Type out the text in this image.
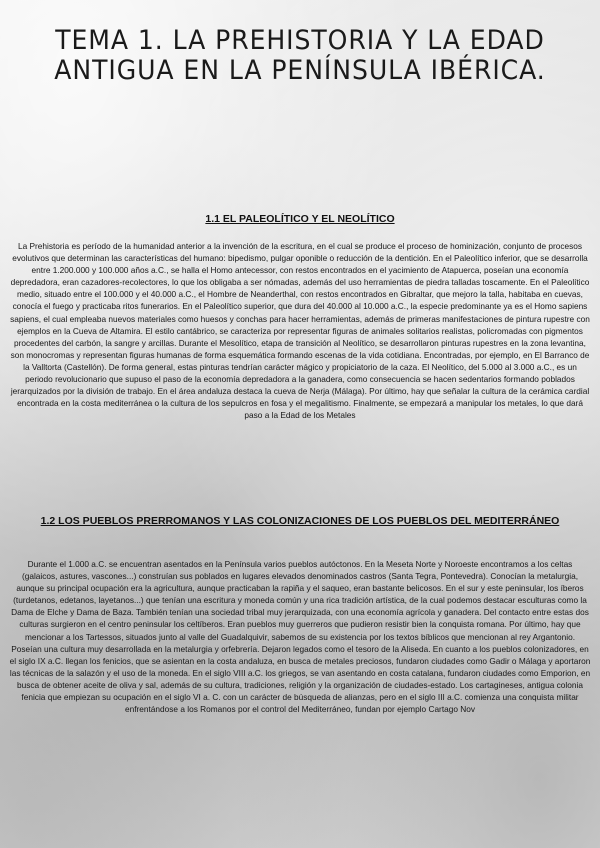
TEMA 1. LA PREHISTORIA Y LA EDAD ANTIGUA EN LA PENÍNSULA IBÉRICA.
1.1 EL PALEOLÍTICO Y EL NEOLÍTICO

La Prehistoria es período de la humanidad anterior a la invención de la escritura, en el cual se produce el proceso de hominización, conjunto de procesos evolutivos que determinan las características del humano: bipedismo, pulgar oponible o reducción de la dentición. En el Paleolítico inferior, que se desarrolla entre 1.200.000 y 100.000 años a.C., se halla el Homo antecessor, con restos encontrados en el yacimiento de Atapuerca, poseían una economía depredadora, eran cazadores-recolectores, lo que los obligaba a ser nómadas, además del uso herramientas de piedra talladas toscamente. En el Paleolítico medio, situado entre el 100.000 y el 40.000 a.C., el Hombre de Neanderthal, con restos encontrados en Gibraltar, que mejoro la talla, habitaba en cuevas, conocía el fuego y practicaba ritos funerarios. En el Paleolítico superior, que dura del 40.000 al 10.000 a.C., la especie predominante ya es el Homo sapiens sapiens, el cual empleaba nuevos materiales como huesos y conchas para hacer herramientas, además de primeras manifestaciones de pintura rupestre con ejemplos en la Cueva de Altamira. El estilo cantábrico, se caracteriza por representar figuras de animales solitarios realistas, policromadas con pigmentos procedentes del carbón, la sangre y arcillas. Durante el Mesolítico, etapa de transición al Neolítico, se desarrollaron pinturas rupestres en la zona levantina, son monocromas y representan figuras humanas de forma esquemática formando escenas de la vida cotidiana. Encontradas, por ejemplo, en El Barranco de la Valltorta (Castellón). De forma general, estas pinturas tendrían carácter mágico y propiciatorio de la caza. El Neolítico, del 5.000 al 3.000 a.C., es un periodo revolucionario que supuso el paso de la economía depredadora a la ganadera, como consecuencia se hacen sedentarios formando poblados jerarquizados por la división de trabajo. En el área andaluza destaca la cueva de Nerja (Málaga). Por último, hay que señalar la cultura de la cerámica cardial encontrada en la costa mediterránea o la cultura de los sepulcros en fosa y el megalitismo. Finalmente, se empezará a manipular los metales, lo que dará paso a la Edad de los Metales

1.2 LOS PUEBLOS PRERROMANOS Y LAS COLONIZACIONES DE LOS PUEBLOS DEL MEDITERRÁNEO

Durante el 1.000 a.C. se encuentran asentados en la Península varios pueblos autóctonos. En la Meseta Norte y Noroeste encontramos a los celtas (galaicos, astures, vascones...) construían sus poblados en lugares elevados denominados castros (Santa Tegra, Pontevedra). Conocían la metalurgia, aunque su principal ocupación era la agricultura, aunque practicaban la rapiña y el saqueo, eran bastante belicosos. En el sur y este peninsular, los íberos (turdetanos, edetanos, layetanos...) que tenían una escritura y moneda común y una rica tradición artística, de la cual podemos destacar esculturas como la Dama de Elche y Dama de Baza. También tenían una sociedad tribal muy jerarquizada, con una economía agrícola y ganadera. Del contacto entre estas dos culturas surgieron en el centro peninsular los celtíberos. Eran pueblos muy guerreros que pudieron resistir bien la conquista romana. Por último, hay que mencionar a los Tartessos, situados junto al valle del Guadalquivir, sabemos de su existencia por los textos bíblicos que mencionan al rey Argantonio. Poseían una cultura muy desarrollada en la metalurgia y orfebrería. Dejaron legados como el tesoro de la Aliseda. En cuanto a los pueblos colonizadores, en el siglo IX a.C. llegan los fenicios, que se asientan en la costa andaluza, en busca de metales preciosos, fundaron ciudades como Gadir o Málaga y aportaron las técnicas de la salazón y el uso de la moneda. En el siglo VIII a.C. los griegos, se van asentando en costa catalana, fundaron ciudades como Emporion, en busca de obtener aceite de oliva y sal, además de su cultura, tradiciones, religión y la organización de ciudades-estado. Los cartagineses, antigua colonia fenicia que empiezan su ocupación en el siglo VI a. C. con un carácter de búsqueda de alianzas, pero en el siglo III a.C. comienza una conquista militar enfrentándose a los Romanos por el control del Mediterráneo, fundan por ejemplo Cartago Nov
